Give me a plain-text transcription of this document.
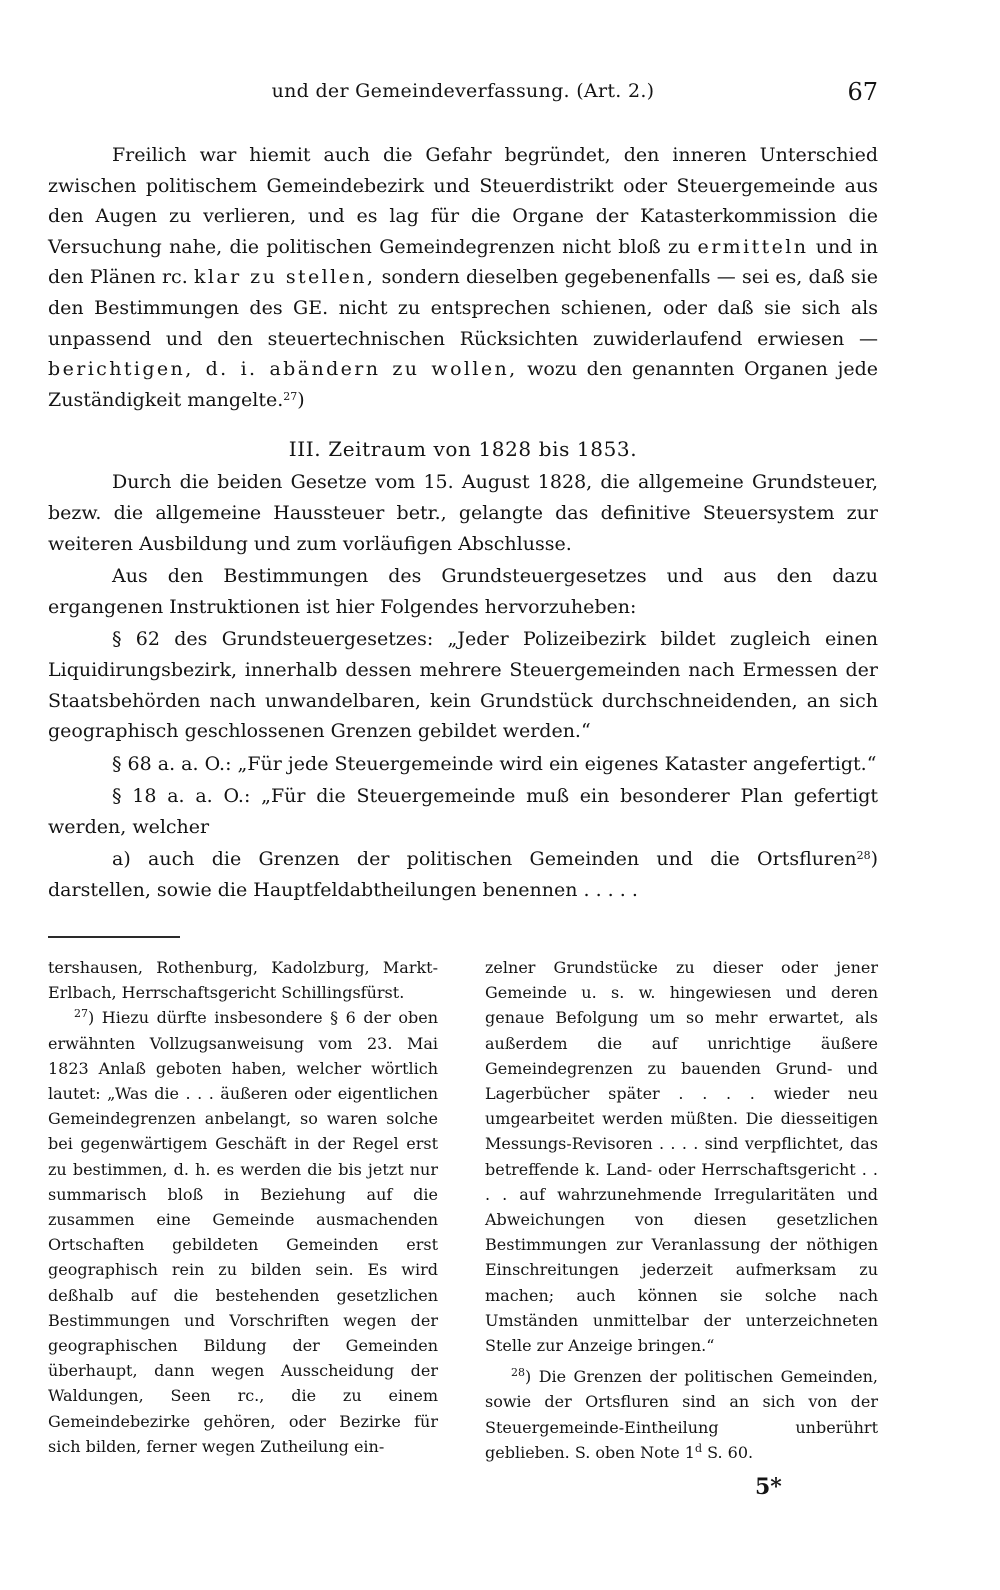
und der Gemeindeverfassung. (Art. 2.)	67

Freilich war hiemit auch die Gefahr begründet, den inneren Unterschied zwischen politischem Gemeindebezirk und Steuerdistrikt oder Steuergemeinde aus den Augen zu verlieren, und es lag für die Organe der Katasterkommission die Versuchung nahe, die politischen Gemeindegrenzen nicht bloß zu ermitteln und in den Plänen rc. klar zu stellen, sondern dieselben gegebenenfalls — sei es, daß sie den Bestimmungen des GE. nicht zu entsprechen schienen, oder daß sie sich als unpassend und den steuertechnischen Rücksichten zuwiderlaufend erwiesen — berichtigen, d. i. abändern zu wollen, wozu den genannten Organen jede Zuständigkeit mangelte.$^{27}$)

III. Zeitraum von 1828 bis 1853.

Durch die beiden Gesetze vom 15. August 1828, die allgemeine Grundsteuer, bezw. die allgemeine Haussteuer betr., gelangte das definitive Steuersystem zur weiteren Ausbildung und zum vorläufigen Abschlusse.

Aus den Bestimmungen des Grundsteuergesetzes und aus den dazu ergangenen Instruktionen ist hier Folgendes hervorzuheben:

§ 62 des Grundsteuergesetzes: „Jeder Polizeibezirk bildet zugleich einen Liquidirungsbezirk, innerhalb dessen mehrere Steuergemeinden nach Ermessen der Staatsbehörden nach unwandelbaren, kein Grundstück durchschneidenden, an sich geographisch geschlossenen Grenzen gebildet werden.“

§ 68 a. a. O.: „Für jede Steuergemeinde wird ein eigenes Kataster angefertigt.“

§ 18 a. a. O.: „Für die Steuergemeinde muß ein besonderer Plan gefertigt werden, welcher

a) auch die Grenzen der politischen Gemeinden und die Ortsfluren$^{28}$) darstellen, sowie die Hauptfeldabtheilungen benennen . . . . .

tershausen, Rothenburg, Kadolzburg, Markt-Erlbach, Herrschaftsgericht Schillingsfürst.

$^{27}$) Hiezu dürfte insbesondere § 6 der oben erwähnten Vollzugsanweisung vom 23. Mai 1823 Anlaß geboten haben, welcher wörtlich lautet: „Was die . . . äußeren oder eigentlichen Gemeindegrenzen anbelangt, so waren solche bei gegenwärtigem Geschäft in der Regel erst zu bestimmen, d. h. es werden die bis jetzt nur summarisch bloß in Beziehung auf die zusammen eine Gemeinde ausmachenden Ortschaften gebildeten Gemeinden erst geographisch rein zu bilden sein. Es wird deßhalb auf die bestehenden gesetzlichen Bestimmungen und Vorschriften wegen der geographischen Bildung der Gemeinden überhaupt, dann wegen Ausscheidung der Waldungen, Seen rc., die zu einem Gemeindebezirke gehören, oder Bezirke für sich bilden, ferner wegen Zutheilung ein-

zelner Grundstücke zu dieser oder jener Gemeinde u. s. w. hingewiesen und deren genaue Befolgung um so mehr erwartet, als außerdem die auf unrichtige äußere Gemeindegrenzen zu bauenden Grund- und Lagerbücher später . . . . wieder neu umgearbeitet werden müßten. Die diesseitigen Messungs-Revisoren . . . . sind verpflichtet, das betreffende k. Land- oder Herrschaftsgericht . . . . auf wahrzunehmende Irregularitäten und Abweichungen von diesen gesetzlichen Bestimmungen zur Veranlassung der nöthigen Einschreitungen jederzeit aufmerksam zu machen; auch können sie solche nach Umständen unmittelbar der unterzeichneten Stelle zur Anzeige bringen.“

$^{28}$) Die Grenzen der politischen Gemeinden, sowie der Ortsfluren sind an sich von der Steuergemeinde-Eintheilung unberührt geblieben. S. oben Note 1$^d$ S. 60.

5*
